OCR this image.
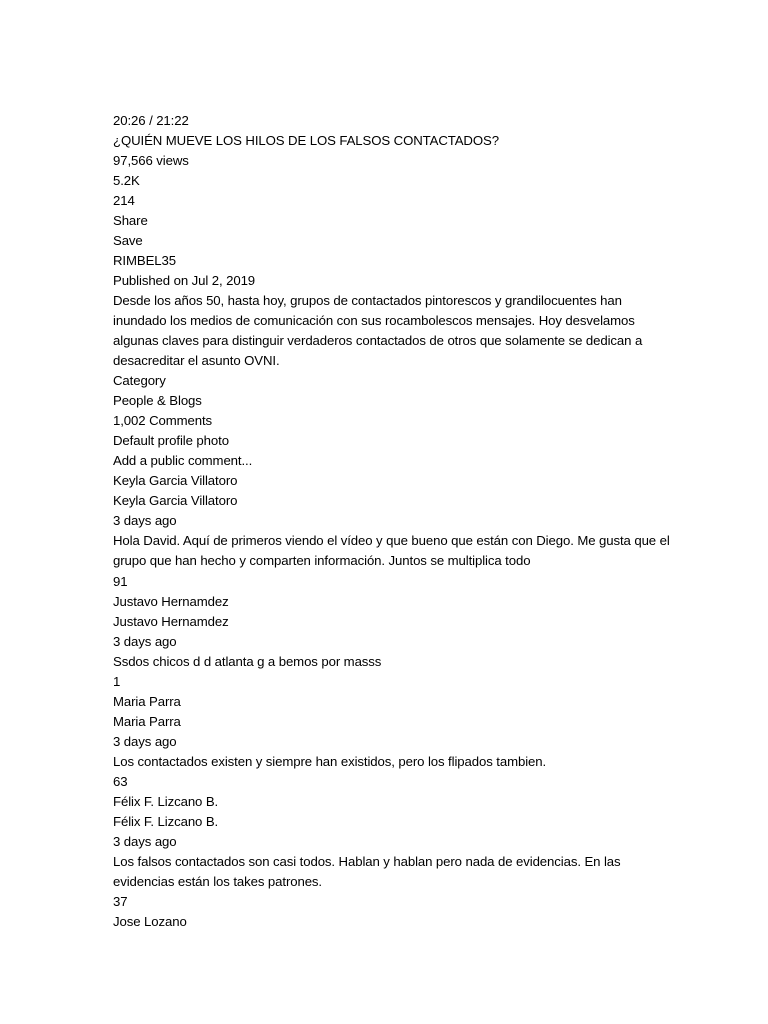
20:26 / 21:22
¿QUIÉN MUEVE LOS HILOS DE LOS FALSOS CONTACTADOS?
97,566 views
5.2K
214
Share
Save
RIMBEL35
Published on Jul 2, 2019
Desde los años 50, hasta hoy, grupos de contactados pintorescos y grandilocuentes han
inundado los medios de comunicación con sus rocambolescos mensajes. Hoy desvelamos
algunas claves para distinguir verdaderos contactados de otros que solamente se dedican a
desacreditar el asunto OVNI.
Category
People & Blogs
1,002 Comments
Default profile photo
Add a public comment...
Keyla Garcia Villatoro
Keyla Garcia Villatoro
3 days ago
Hola David. Aquí de primeros viendo el vídeo y que bueno que están con Diego. Me gusta que el
grupo que han hecho y comparten información. Juntos se multiplica todo
91
Justavo Hernamdez
Justavo Hernamdez
3 days ago
Ssdos chicos d d atlanta g a bemos por masss
1
Maria Parra
Maria Parra
3 days ago
Los contactados existen y siempre han existidos, pero los flipados tambien.
63
Félix F. Lizcano B.
Félix F. Lizcano B.
3 days ago
Los falsos contactados son casi todos. Hablan y hablan pero nada de evidencias. En las
evidencias están los takes patrones.
37
Jose Lozano
